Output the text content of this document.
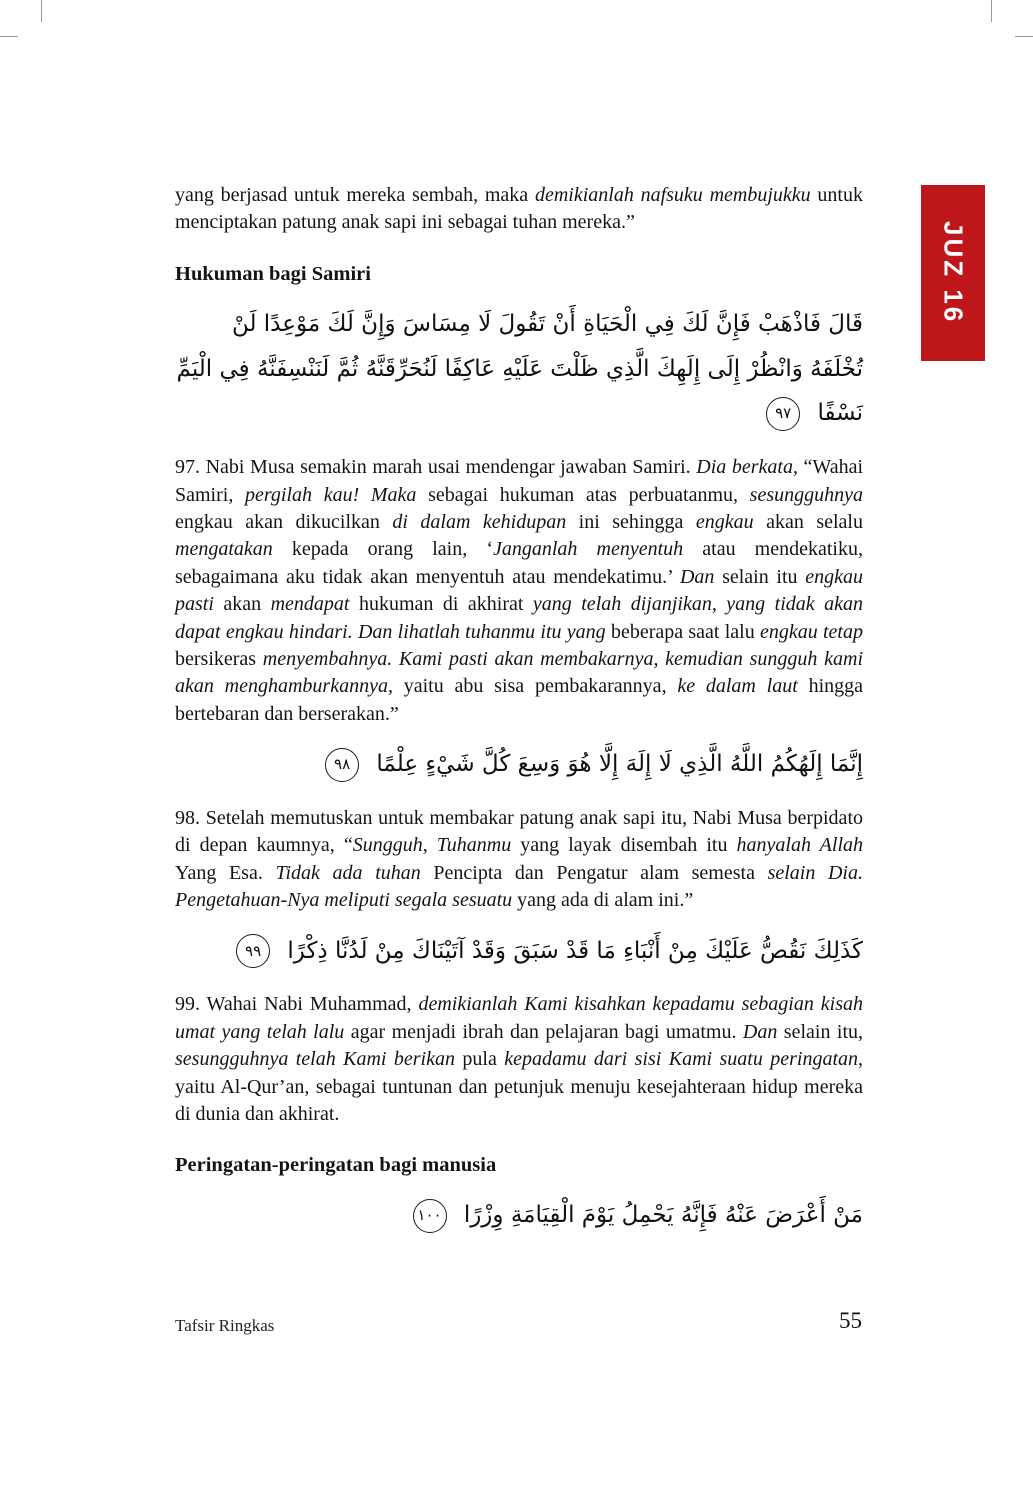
JUZ 16

yang berjasad untuk mereka sembah, maka demikianlah nafsuku membujukku untuk menciptakan patung anak sapi ini sebagai tuhan mereka.”

Hukuman bagi Samiri
قَالَ فَاذْهَبْ فَإِنَّ لَكَ فِي الْحَيَاةِ أَنْ تَقُولَ لَا مِسَاسَ وَإِنَّ لَكَ مَوْعِدًا لَنْ تُخْلَفَهُ وَانْظُرْ إِلَى إِلَهِكَ الَّذِي ظَلْتَ عَلَيْهِ عَاكِفًا لَنُحَرِّقَنَّهُ ثُمَّ لَنَنْسِفَنَّهُ فِي الْيَمِّ نَسْفًا ٩٧

97. Nabi Musa semakin marah usai mendengar jawaban Samiri. Dia berkata, “Wahai Samiri, pergilah kau! Maka sebagai hukuman atas perbuatanmu, sesungguhnya engkau akan dikucilkan di dalam kehidupan ini sehingga engkau akan selalu mengatakan kepada orang lain, ‘Janganlah menyentuh atau mendekatiku, sebagaimana aku tidak akan menyentuh atau mendekatimu.’ Dan selain itu engkau pasti akan mendapat hukuman di akhirat yang telah dijanjikan, yang tidak akan dapat engkau hindari. Dan lihatlah tuhanmu itu yang beberapa saat lalu engkau tetap bersikeras menyembahnya. Kami pasti akan membakarnya, kemudian sungguh kami akan menghamburkannya, yaitu abu sisa pembakarannya, ke dalam laut hingga bertebaran dan berserakan.”

إِنَّمَا إِلَهُكُمُ اللَّهُ الَّذِي لَا إِلَهَ إِلَّا هُوَ وَسِعَ كُلَّ شَيْءٍ عِلْمًا ٩٨

98. Setelah memutuskan untuk membakar patung anak sapi itu, Nabi Musa berpidato di depan kaumnya, “Sungguh, Tuhanmu yang layak disembah itu hanyalah Allah Yang Esa. Tidak ada tuhan Pencipta dan Pengatur alam semesta selain Dia. Pengetahuan-Nya meliputi segala sesuatu yang ada di alam ini.”

كَذَلِكَ نَقُصُّ عَلَيْكَ مِنْ أَنْبَاءِ مَا قَدْ سَبَقَ وَقَدْ آتَيْنَاكَ مِنْ لَدُنَّا ذِكْرًا ٩٩

99. Wahai Nabi Muhammad, demikianlah Kami kisahkan kepadamu sebagian kisah umat yang telah lalu agar menjadi ibrah dan pelajaran bagi umatmu. Dan selain itu, sesungguhnya telah Kami berikan pula kepadamu dari sisi Kami suatu peringatan, yaitu Al-Qur’an, sebagai tuntunan dan petunjuk menuju kesejahteraan hidup mereka di dunia dan akhirat.

Peringatan-peringatan bagi manusia
مَنْ أَعْرَضَ عَنْهُ فَإِنَّهُ يَحْمِلُ يَوْمَ الْقِيَامَةِ وِزْرًا ١٠٠
Tafsir Ringkas	55
